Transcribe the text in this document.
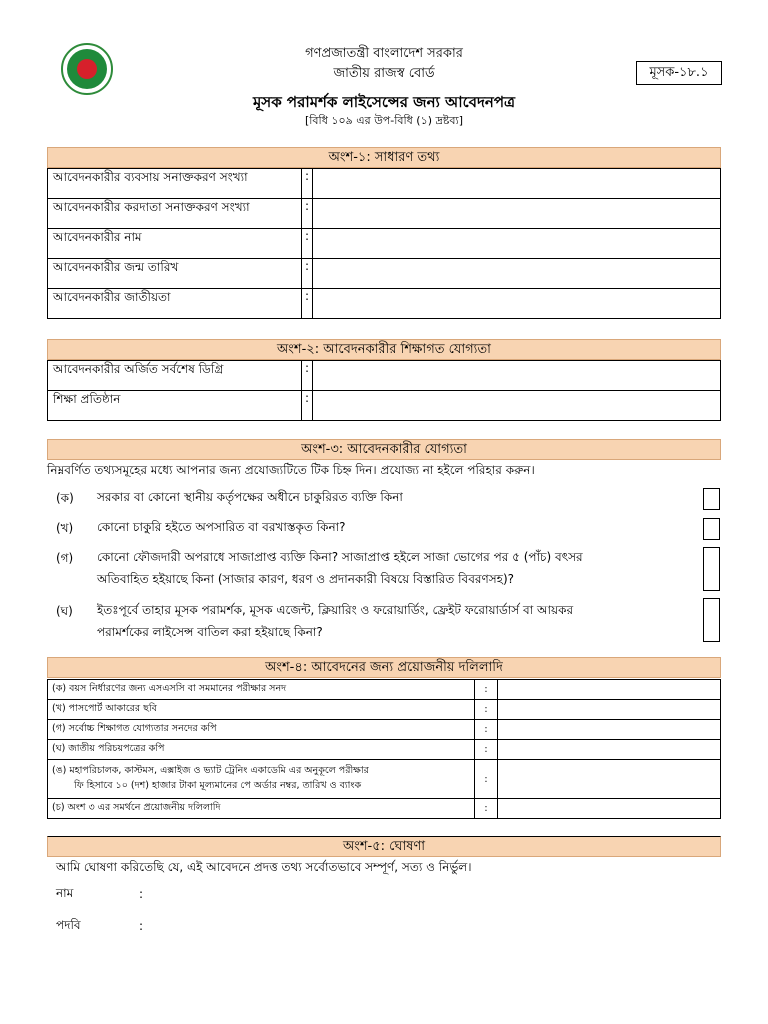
গণপ্রজাতন্ত্রী বাংলাদেশ সরকার
জাতীয় রাজস্ব বোর্ড
মূসক পরামর্শক লাইসেন্সের জন্য আবেদনপত্র
[বিধি ১০৯ এর উপ-বিধি (১) দ্রষ্টব্য]
মূসক-১৮.১
অংশ-১: সাধারণ তথ্য
আবেদনকারীর ব্যবসায় সনাক্তকরণ সংখ্যা	:	
আবেদনকারীর করদাতা সনাক্তকরণ সংখ্যা	:	
আবেদনকারীর নাম	:	
আবেদনকারীর জন্ম তারিখ	:	
আবেদনকারীর জাতীয়তা	:	
অংশ-২: আবেদনকারীর শিক্ষাগত যোগ্যতা
আবেদনকারীর অর্জিত সর্বশেষ ডিগ্রি	:	
শিক্ষা প্রতিষ্ঠান	:	
অংশ-৩: আবেদনকারীর যোগ্যতা
নিম্নবর্ণিত তথ্যসমূহের মধ্যে আপনার জন্য প্রযোজ্যটিতে টিক চিহ্ন দিন। প্রযোজ্য না হইলে পরিহার করুন।
(ক) সরকার বা কোনো স্থানীয় কর্তৃপক্ষের অধীনে চাকুরিরত ব্যক্তি কিনা
(খ) কোনো চাকুরি হইতে অপসারিত বা বরখাস্তকৃত কিনা?
(গ) কোনো ফৌজদারী অপরাধে সাজাপ্রাপ্ত ব্যক্তি কিনা? সাজাপ্রাপ্ত হইলে সাজা ভোগের পর ৫ (পাঁচ) বৎসর
অতিবাহিত হইয়াছে কিনা (সাজার কারণ, ধরণ ও প্রদানকারী বিষয়ে বিস্তারিত বিবরণসহ)?
(ঘ) ইতঃপূর্বে তাহার মূসক পরামর্শক, মূসক এজেন্ট, ক্লিয়ারিং ও ফরোয়ার্ডিং, ফ্রেইট ফরোয়ার্ডার্স বা আয়কর
পরামর্শকের লাইসেন্স বাতিল করা হইয়াছে কিনা?
অংশ-৪: আবেদনের জন্য প্রয়োজনীয় দলিলাদি
(ক) বয়স নির্ধারণের জন্য এসএসসি বা সমমানের পরীক্ষার সনদ	:	
(খ) পাসপোর্ট আকারের ছবি	:	
(গ) সর্বোচ্চ শিক্ষাগত যোগ্যতার সনদের কপি	:	
(ঘ) জাতীয় পরিচয়পত্রের কপি	:	

(ঙ) মহাপরিচালক, কাস্টমস, এক্সাইজ ও ভ্যাট ট্রেনিং একাডেমি এর অনুকূলে পরীক্ষার
ফি হিসাবে ১০ (দশ) হাজার টাকা মূল্যমানের পে অর্ডার নম্বর, তারিখ ও ব্যাংক	:	
(চ) অংশ ৩ এর সমর্থনে প্রয়োজনীয় দলিলাদি	:	
অংশ-৫: ঘোষণা
আমি ঘোষণা করিতেছি যে, এই আবেদনে প্রদত্ত তথ্য সর্বোতভাবে সম্পূর্ণ, সত্য ও নির্ভুল।
নাম	:
পদবি	:
